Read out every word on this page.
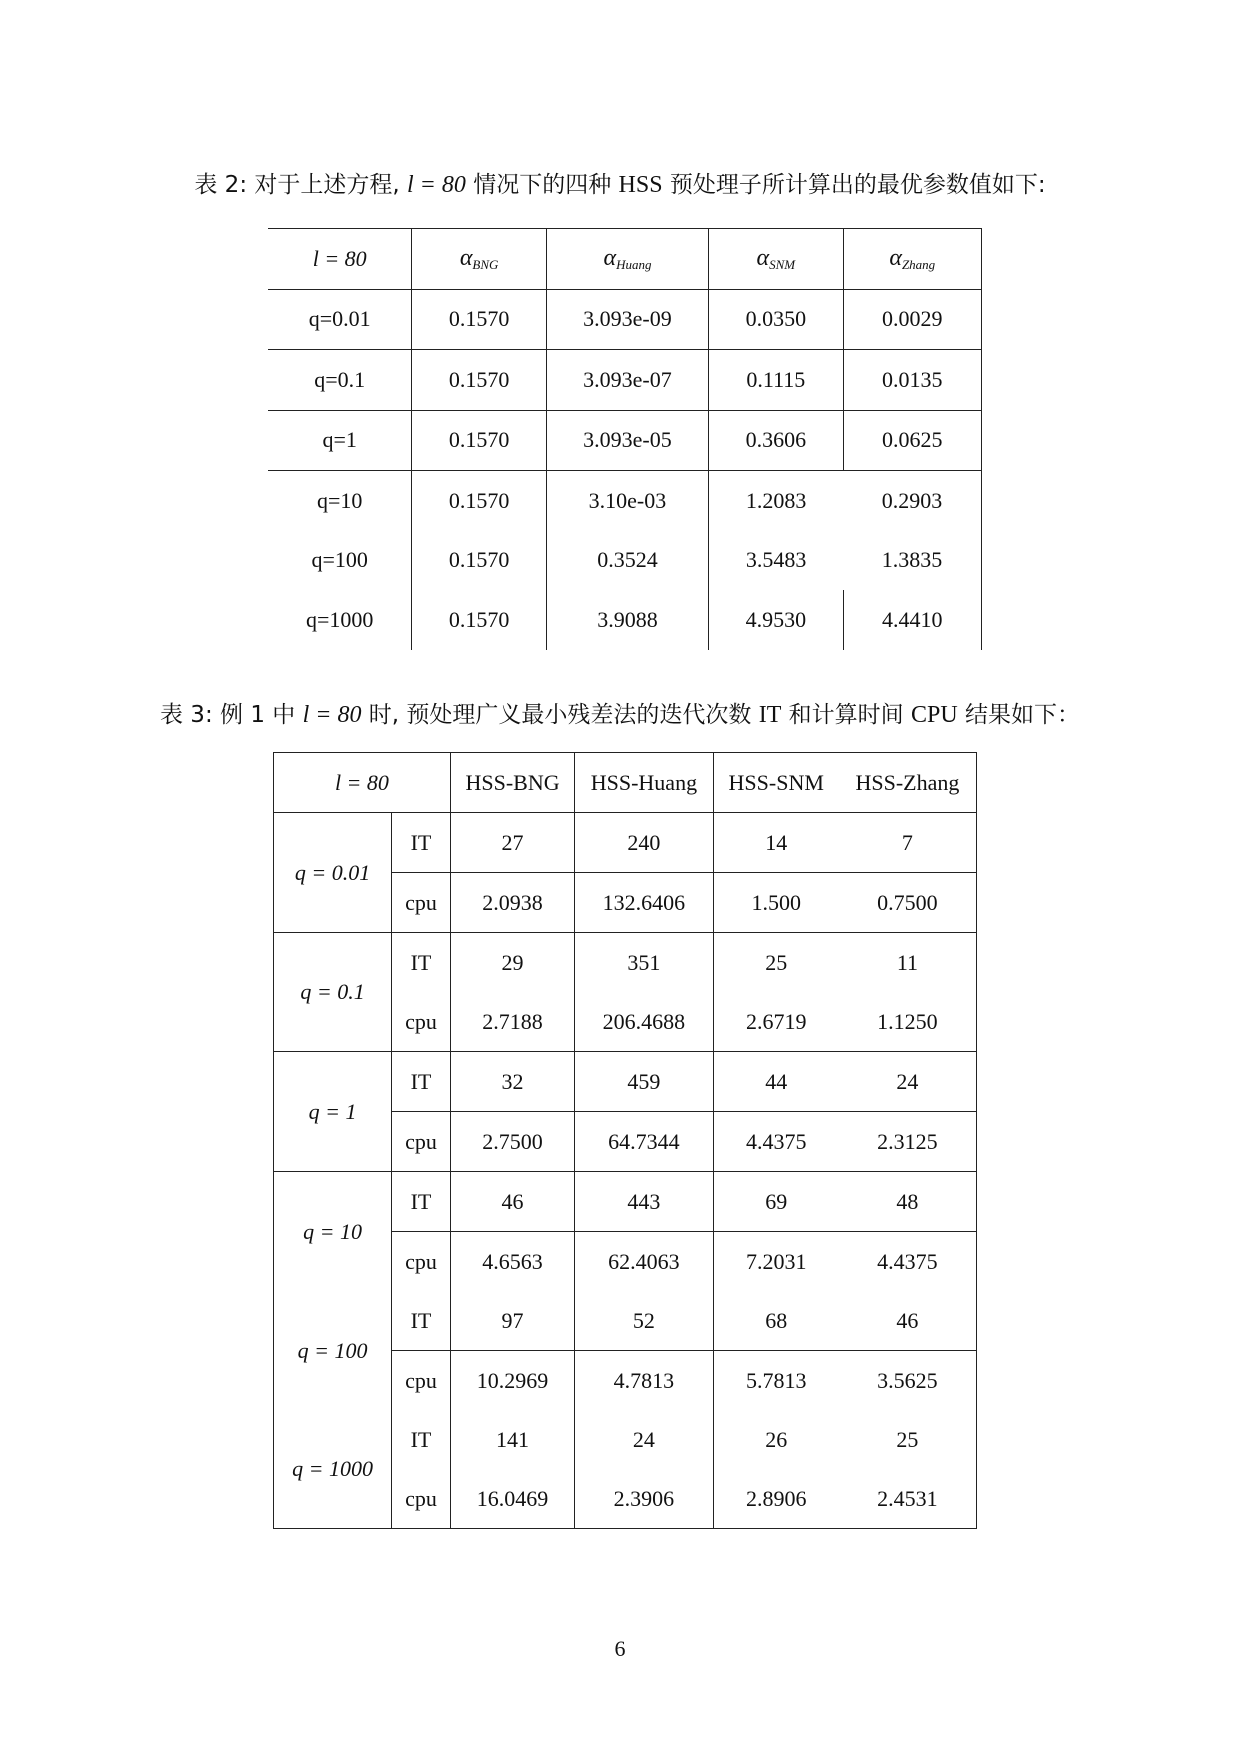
表 2: 对于上述方程, l = 80 情况下的四种 HSS 预处理子所计算出的最优参数值如下:
l = 80	$\alpha_{BNG}$	$\alpha_{Huang}$	$\alpha_{SNM}$	$\alpha_{Zhang}$
q=0.01	0.1570	3.093e-09	0.0350	0.0029
q=0.1	0.1570	3.093e-07	0.1115	0.0135
q=1	0.1570	3.093e-05	0.3606	0.0625
q=10	0.1570	3.10e-03	1.2083	0.2903
q=100	0.1570	0.3524	3.5483	1.3835
q=1000	0.1570	3.9088	4.9530	4.4410
表 3: 例 1 中 l = 80 时, 预处理广义最小残差法的迭代次数 IT 和计算时间 CPU 结果如下：
l = 80		HSS-BNG	HSS-Huang	HSS-SNM	HSS-Zhang
q = 0.01	IT	27	240	14	7
	cpu	2.0938	132.6406	1.500	0.7500
q = 0.1	IT	29	351	25	11
	cpu	2.7188	206.4688	2.6719	1.1250
q = 1	IT	32	459	44	24
	cpu	2.7500	64.7344	4.4375	2.3125
q = 10	IT	46	443	69	48
	cpu	4.6563	62.4063	7.2031	4.4375
q = 100	IT	97	52	68	46
	cpu	10.2969	4.7813	5.7813	3.5625
q = 1000	IT	141	24	26	25
	cpu	16.0469	2.3906	2.8906	2.4531
6
